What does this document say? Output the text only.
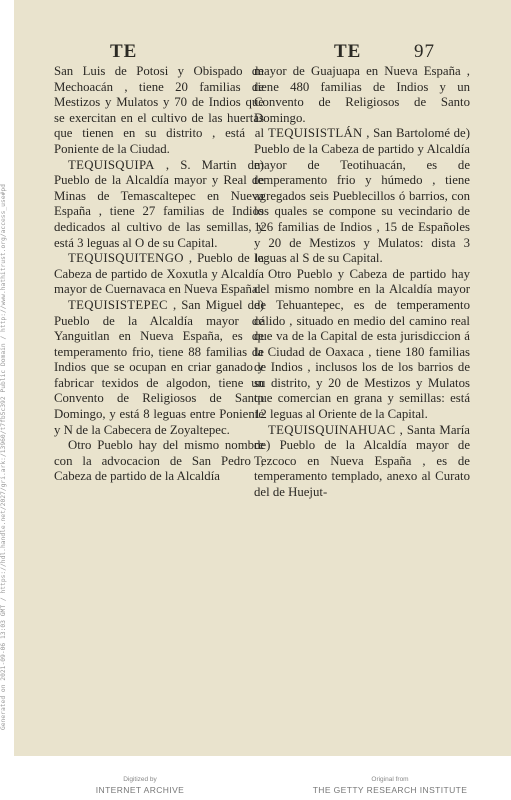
TE	TE	97

San Luis de Potosi y Obispado de Mechoacán , tiene 20 familias de Mestizos y Mulatos y 70 de Indios que se exercitan en el cultivo de las huertas que tienen en su distrito , está al Poniente de la Ciudad.

TEQUISQUIPA , S. Martin de) Pueblo de la Alcaldía mayor y Real de Minas de Temascaltepec en Nueva España , tiene 27 familias de Indios dedicados al cultivo de las semillas, y está 3 leguas al O de su Capital.

TEQUISQUITENGO , Pueblo de la Cabeza de partido de Xoxutla y Alcaldía mayor de Cuernavaca en Nueva España.

TEQUISISTEPEC , San Miguel de) Pueblo de la Alcaldía mayor de Yanguitlan en Nueva España, es de temperamento frio, tiene 88 familias de Indios que se ocupan en criar ganado y fabricar texidos de algodon, tiene un Convento de Religiosos de Santo Domingo, y está 8 leguas entre Poniente y N de la Cabecera de Zoyaltepec.

Otro Pueblo hay del mismo nombre con la advocacion de San Pedro , Cabeza de partido de la Alcaldía

mayor de Guajuapa en Nueva España , tiene 480 familias de Indios y un Convento de Religiosos de Santo Domingo.

TEQUISISTLÁN , San Bartolomé de) Pueblo de la Cabeza de partido y Alcaldía mayor de Teotihuacán, es de temperamento frio y húmedo , tiene agregados seis Pueblecillos ó barrios, con los quales se compone su vecindario de 126 familias de Indios , 15 de Españoles y 20 de Mestizos y Mulatos: dista 3 leguas al S de su Capital.

Otro Pueblo y Cabeza de partido hay del mismo nombre en la Alcaldía mayor de Tehuantepec, es de temperamento cálido , situado en medio del camino real que va de la Capital de esta jurisdiccion á la Ciudad de Oaxaca , tiene 180 familias de Indios , inclusos los de los barrios de su distrito, y 20 de Mestizos y Mulatos que comercian en grana y semillas: está 12 leguas al Oriente de la Capital.

TEQUISQUINAHUAC , Santa María de) Pueblo de la Alcaldía mayor de Tezcoco en Nueva España , es de temperamento templado, anexo al Curato del de Huejut-

Generated on 2021-09-06 13:03 GMT / https://hdl.handle.net/2027/gri.ark:/13960/t7fb5c392 Public Domain / http://www.hathitrust.org/access_use#pd
Digitized by
INTERNET ARCHIVE
Original from
THE GETTY RESEARCH INSTITUTE
